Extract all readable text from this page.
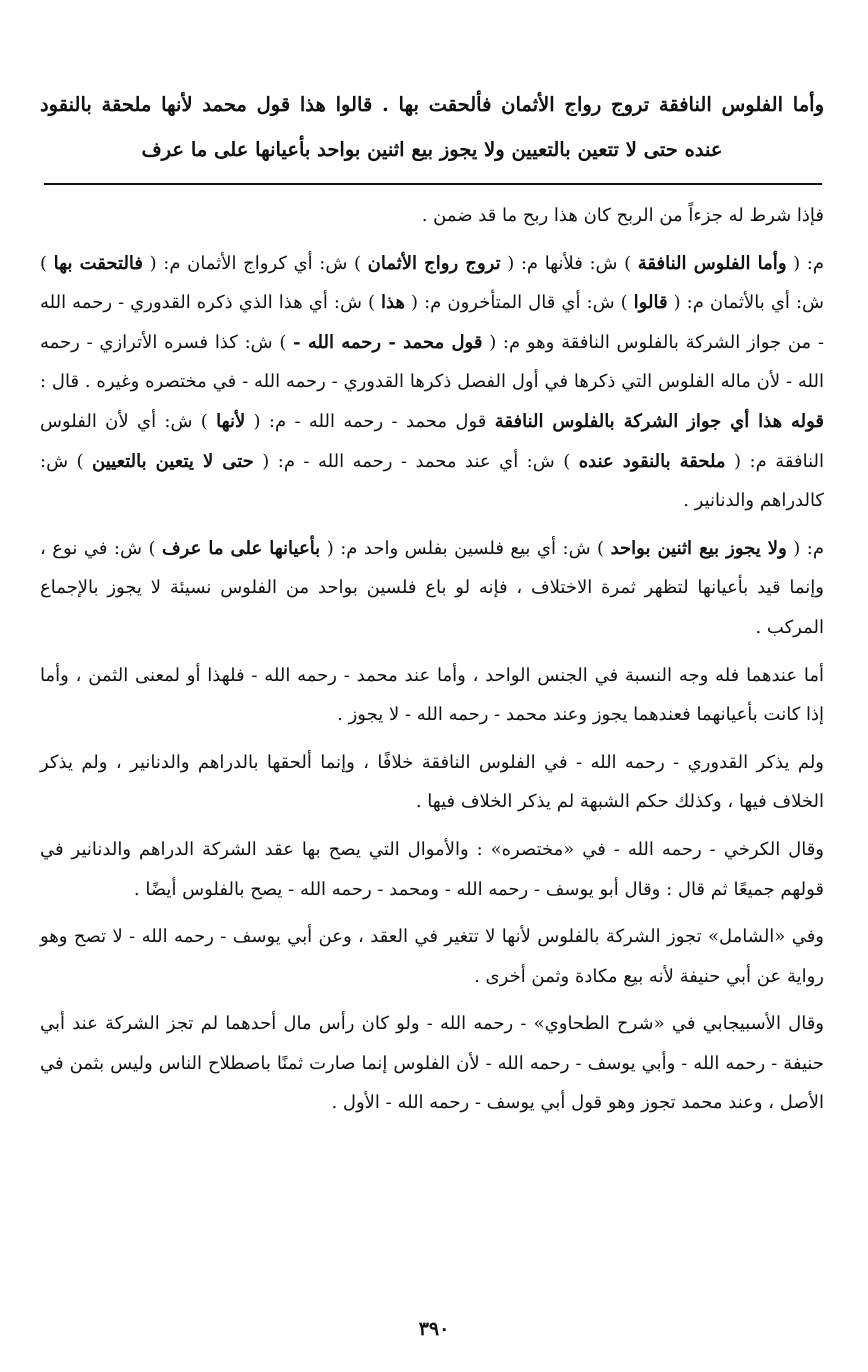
وأما الفلوس النافقة تروج رواج الأثمان فألحقت بها . قالوا هذا قول محمد لأنها ملحقة بالنقود عنده حتى لا تتعين بالتعيين ولا يجوز بيع اثنين بواحد بأعيانها على ما عرف

فإذا شرط له جزءاً من الربح كان هذا ربح ما قد ضمن .

م: ( وأما الفلوس النافقة ) ش: فلأنها م: ( تروج رواج الأثمان ) ش: أي كرواج الأثمان م: ( فالتحقت بها ) ش: أي بالأثمان م: ( قالوا ) ش: أي قال المتأخرون م: ( هذا ) ش: أي هذا الذي ذكره القدوري - رحمه الله - من جواز الشركة بالفلوس النافقة وهو م: ( قول محمد - رحمه الله - ) ش: كذا فسره الأترازي - رحمه الله - لأن ماله الفلوس التي ذكرها في أول الفصل ذكرها القدوري - رحمه الله - في مختصره وغيره . قال : قوله هذا أي جواز الشركة بالفلوس النافقة قول محمد - رحمه الله - م: ( لأنها ) ش: أي لأن الفلوس النافقة م: ( ملحقة بالنقود عنده ) ش: أي عند محمد - رحمه الله - م: ( حتى لا يتعين بالتعيين ) ش: كالدراهم والدنانير .

م: ( ولا يجوز بيع اثنين بواحد ) ش: أي بيع فلسين بفلس واحد م: ( بأعيانها على ما عرف ) ش: في نوع ، وإنما قيد بأعيانها لتظهر ثمرة الاختلاف ، فإنه لو باع فلسين بواحد من الفلوس نسيئة لا يجوز بالإجماع المركب .

أما عندهما فله وجه النسبة في الجنس الواحد ، وأما عند محمد - رحمه الله - فلهذا أو لمعنى الثمن ، وأما إذا كانت بأعيانهما فعندهما يجوز وعند محمد - رحمه الله - لا يجوز .

ولم يذكر القدوري - رحمه الله - في الفلوس النافقة خلافًا ، وإنما ألحقها بالدراهم والدنانير ، ولم يذكر الخلاف فيها ، وكذلك حكم الشبهة لم يذكر الخلاف فيها .

وقال الكرخي - رحمه الله - في «مختصره» : والأموال التي يصح بها عقد الشركة الدراهم والدنانير في قولهم جميعًا ثم قال : وقال أبو يوسف - رحمه الله - ومحمد - رحمه الله - يصح بالفلوس أيضًا .

وفي «الشامل» تجوز الشركة بالفلوس لأنها لا تتغير في العقد ، وعن أبي يوسف - رحمه الله - لا تصح وهو رواية عن أبي حنيفة لأنه بيع مكادة وثمن أخرى .

وقال الأسبيجابي في «شرح الطحاوي» - رحمه الله - ولو كان رأس مال أحدهما لم تجز الشركة عند أبي حنيفة - رحمه الله - وأبي يوسف - رحمه الله - لأن الفلوس إنما صارت ثمنًا باصطلاح الناس وليس بثمن في الأصل ، وعند محمد تجوز وهو قول أبي يوسف - رحمه الله - الأول .

٣٩٠
